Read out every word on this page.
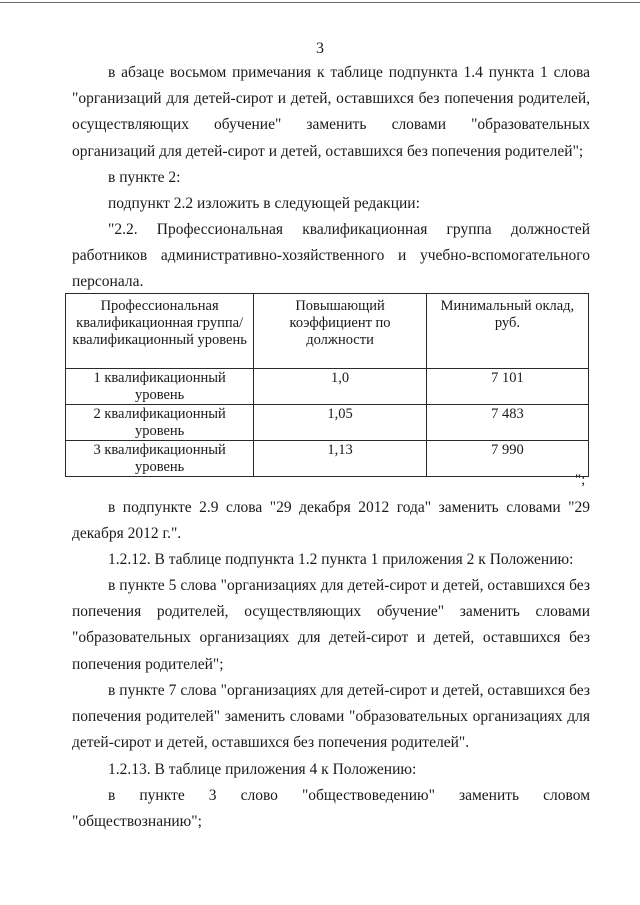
3
в абзаце восьмом примечания к таблице подпункта 1.4 пункта 1 слова "организаций для детей-сирот и детей, оставшихся без попечения родителей, осуществляющих обучение" заменить словами "образовательных организаций для детей-сирот и детей, оставшихся без попечения родителей";
в пункте 2:
подпункт 2.2 изложить в следующей редакции:
"2.2. Профессиональная квалификационная группа должностей работников административно-хозяйственного и учебно-вспомогательного персонала.
Профессиональная квалификационная группа/квалификационный уровень	Повышающий коэффициент по должности	Минимальный оклад, руб.
1 квалификационный уровень	1,0	7 101
2 квалификационный уровень	1,05	7 483
3 квалификационный уровень	1,13	7 990
";
в подпункте 2.9 слова "29 декабря 2012 года" заменить словами "29 декабря 2012 г.".
1.2.12. В таблице подпункта 1.2 пункта 1 приложения 2 к Положению:
в пункте 5 слова "организациях для детей-сирот и детей, оставшихся без попечения родителей, осуществляющих обучение" заменить словами "образовательных организациях для детей-сирот и детей, оставшихся без попечения родителей";
в пункте 7 слова "организациях для детей-сирот и детей, оставшихся без попечения родителей" заменить словами "образовательных организациях для детей-сирот и детей, оставшихся без попечения родителей".
1.2.13. В таблице приложения 4 к Положению:
в пункте 3 слово "обществоведению" заменить словом "обществознанию";
